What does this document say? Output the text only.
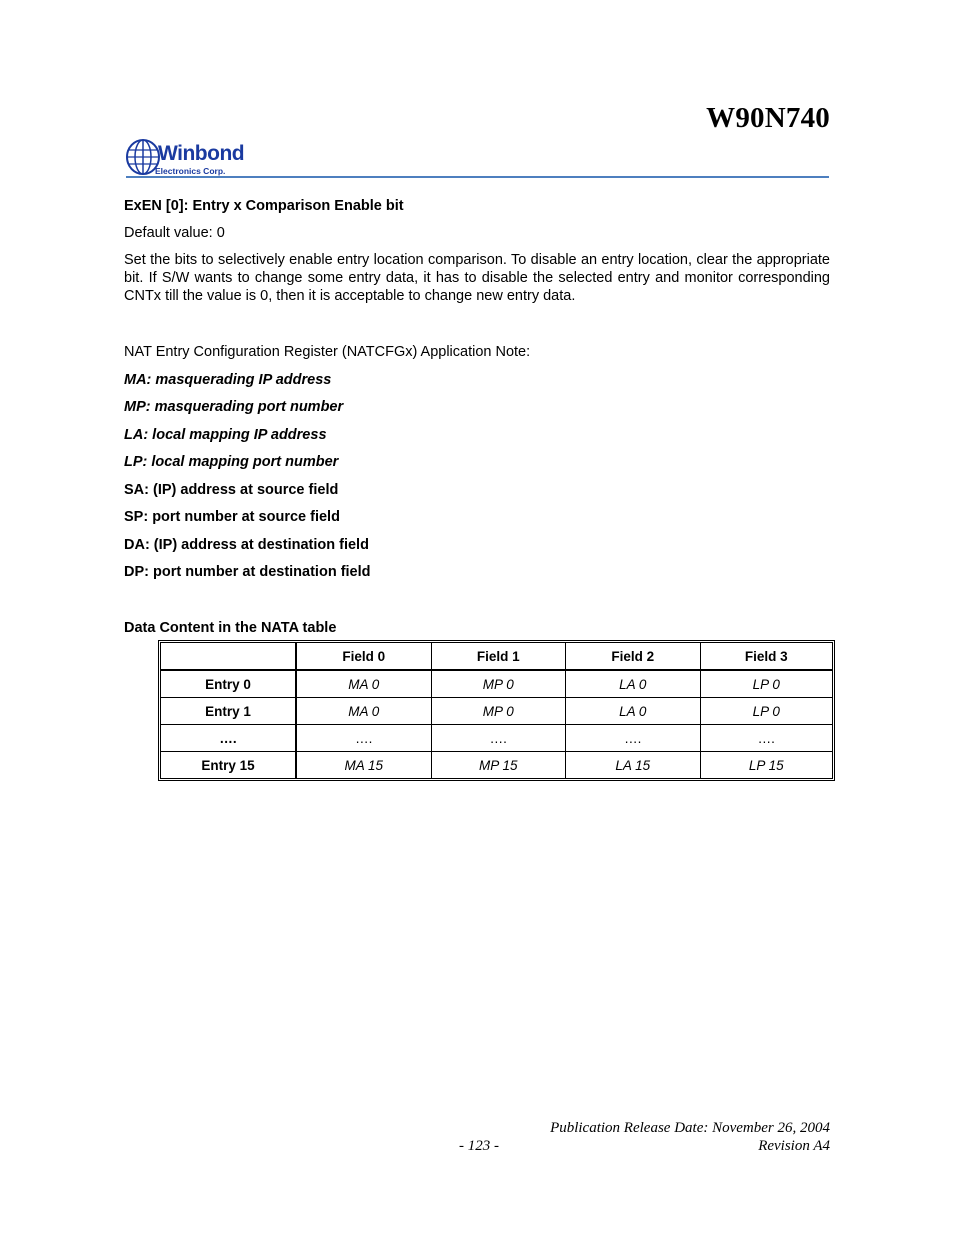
W90N740
Winbond
Electronics Corp.
ExEN [0]: Entry x Comparison Enable bit
Default value: 0
Set the bits to selectively enable entry location comparison. To disable an entry location, clear the appropriate bit. If S/W wants to change some entry data, it has to disable the selected entry and monitor corresponding CNTx till the value is 0, then it is acceptable to change new entry data.
NAT Entry Configuration Register (NATCFGx) Application Note:
MA: masquerading IP address
MP: masquerading port number
LA: local mapping IP address
LP: local mapping port number
SA: (IP) address at source field
SP: port number at source field
DA: (IP) address at destination field
DP: port number at destination field
Data Content in the NATA table
	Field 0	Field 1	Field 2	Field 3
Entry 0	MA 0	MP 0	LA 0	LP 0
Entry 1	MA 0	MP 0	LA 0	LP 0
….	….	….	….	….
Entry 15	MA 15	MP 15	LA 15	LP 15
Publication Release Date: November 26, 2004
Revision A4
- 123 -
